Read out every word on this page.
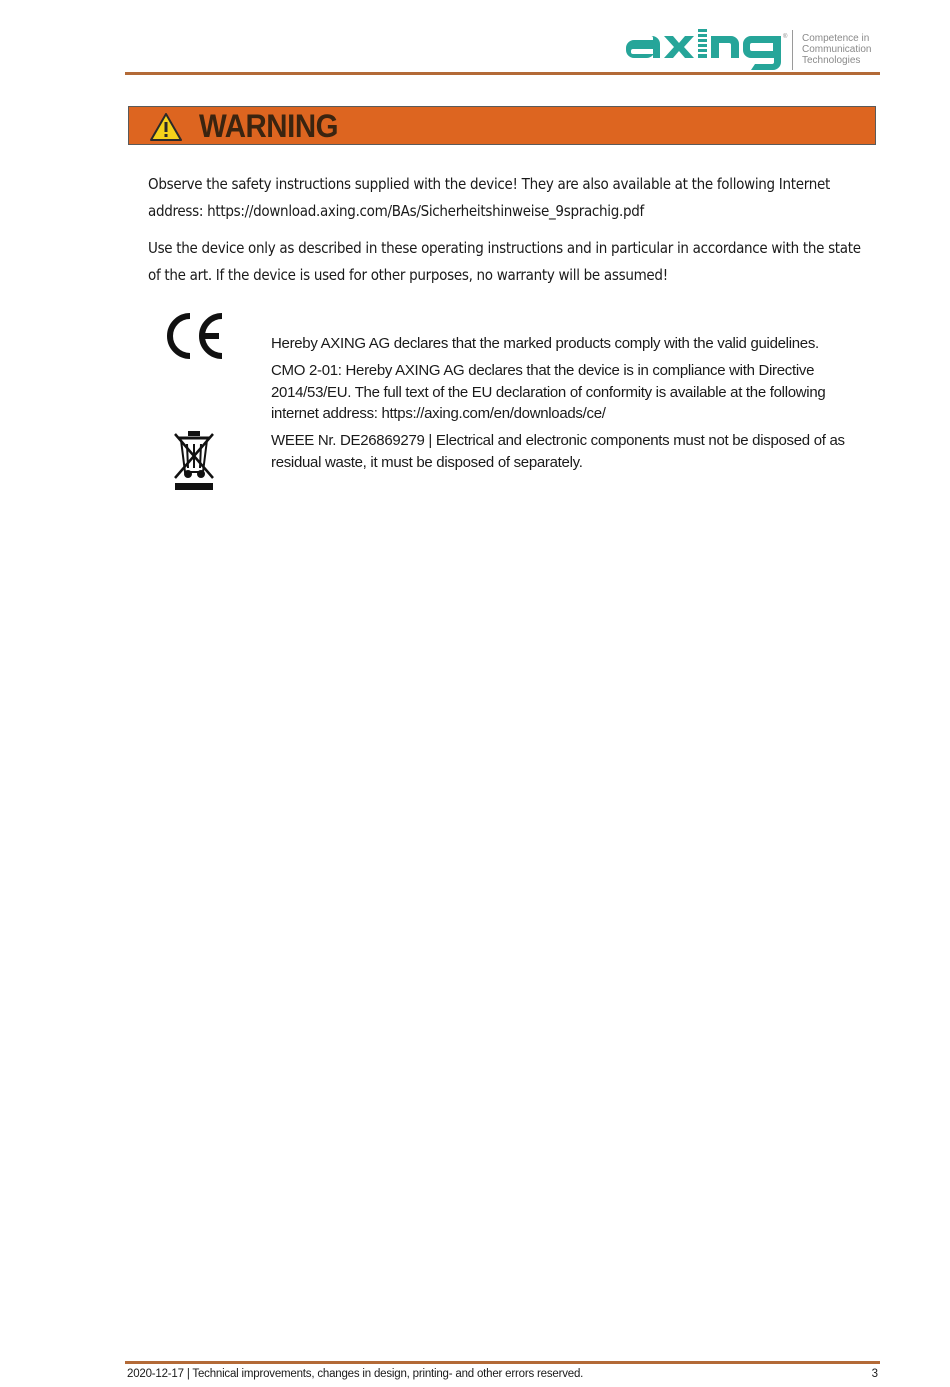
® Competence in
Communication
Technologies
WARNING

Observe the safety instructions supplied with the device! They are also available at the following Internet address: https://download.axing.com/BAs/Sicherheitshinweise_9sprachig.pdf

Use the device only as described in these operating instructions and in particular in accordance with the state of the art. If the device is used for other purposes, no warranty will be assumed!

Hereby AXING AG declares that the marked products comply with the valid guidelines.

CMO 2-01: Hereby AXING AG declares that the device is in compliance with Directive 2014/53/EU. The full text of the EU declaration of conformity is available at the following internet address: https://axing.com/en/downloads/ce/

WEEE Nr. DE26869279 | Electrical and electronic components must not be disposed of as residual waste, it must be disposed of separately.

2020-12-17 | Technical improvements, changes in design, printing- and other errors reserved.	3
